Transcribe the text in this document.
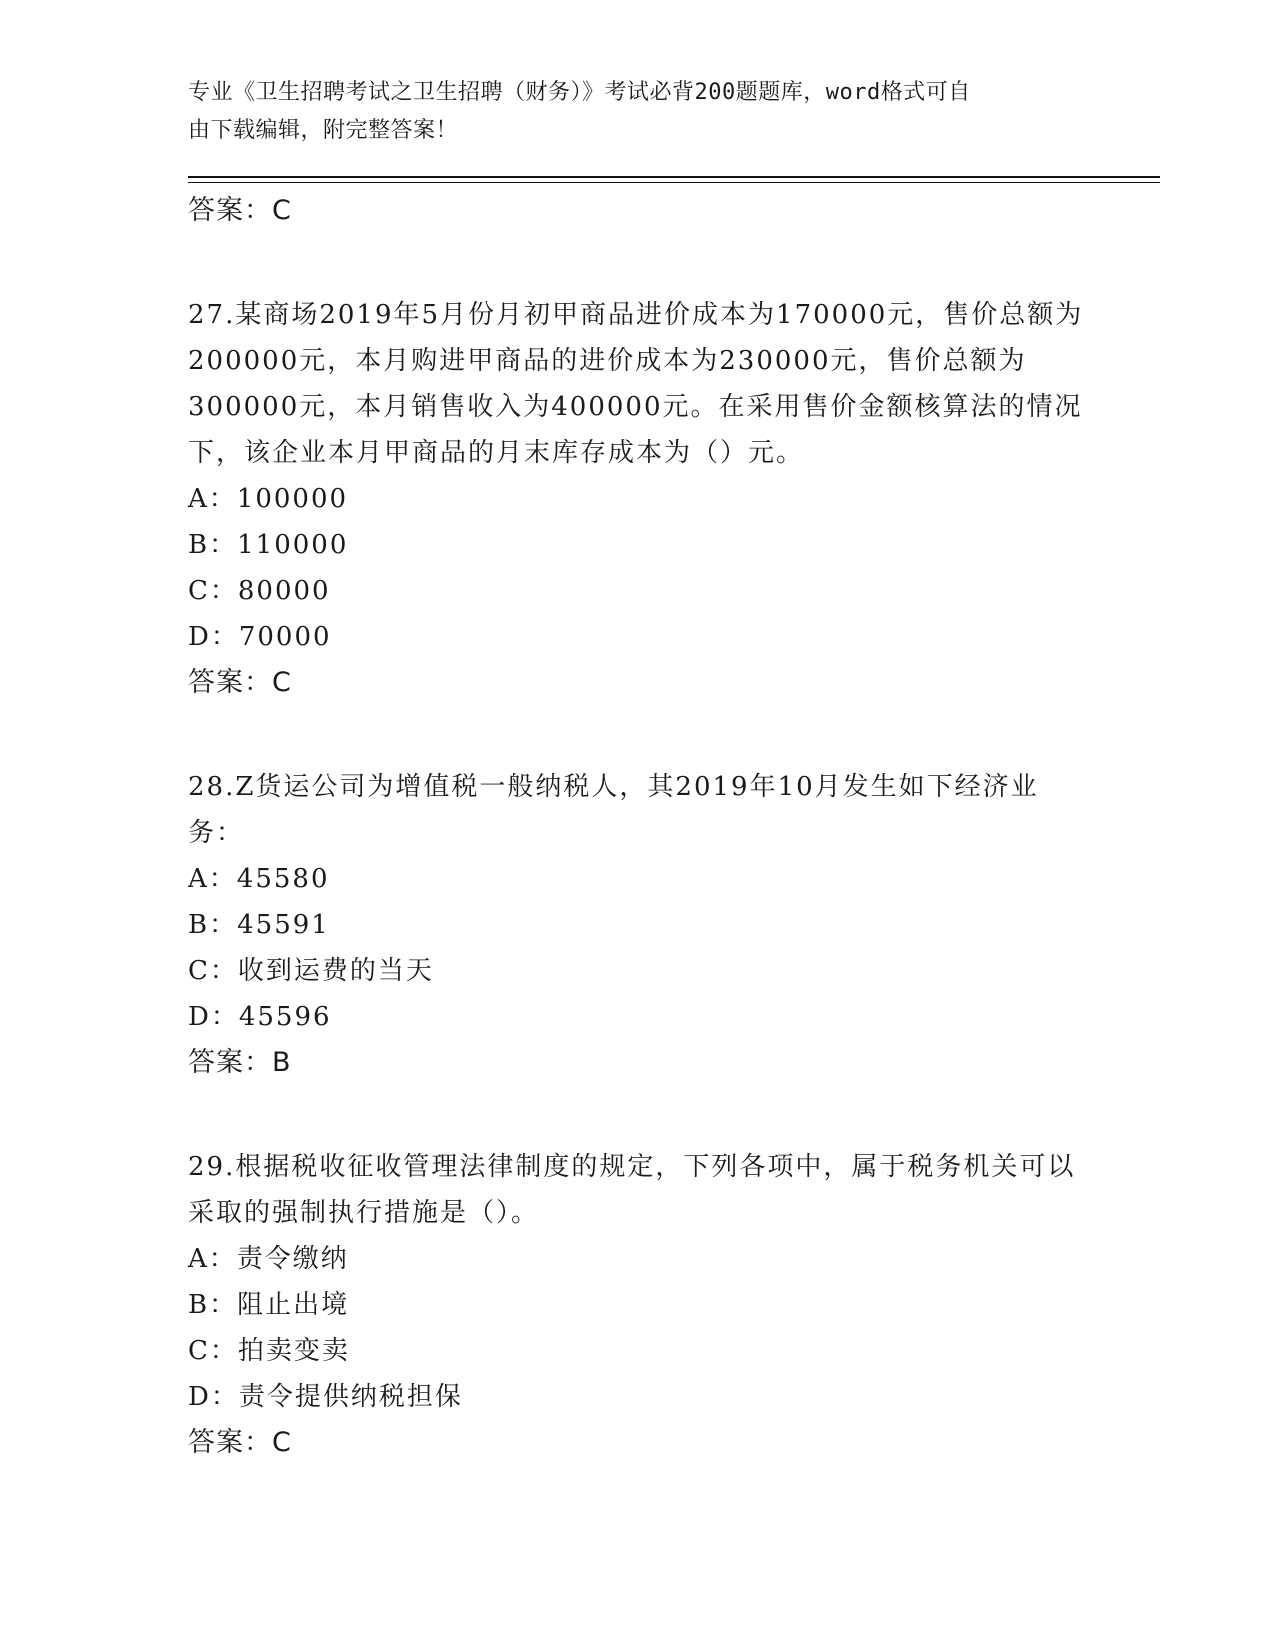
专业《卫生招聘考试之卫生招聘（财务）》考试必背200题题库，word格式可自
由下载编辑，附完整答案！
答案：C
27.某商场2019年5月份月初甲商品进价成本为170000元，售价总额为200000元，本月购进甲商品的进价成本为230000元，售价总额为300000元，本月销售收入为400000元。在采用售价金额核算法的情况下，该企业本月甲商品的月末库存成本为（）元。
A：100000
B：110000
C：80000
D：70000
答案：C
28.Z货运公司为增值税一般纳税人，其2019年10月发生如下经济业务：
A：45580
B：45591
C：收到运费的当天
D：45596
答案：B
29.根据税收征收管理法律制度的规定，下列各项中，属于税务机关可以采取的强制执行措施是（）。
A：责令缴纳
B：阻止出境
C：拍卖变卖
D：责令提供纳税担保
答案：C
